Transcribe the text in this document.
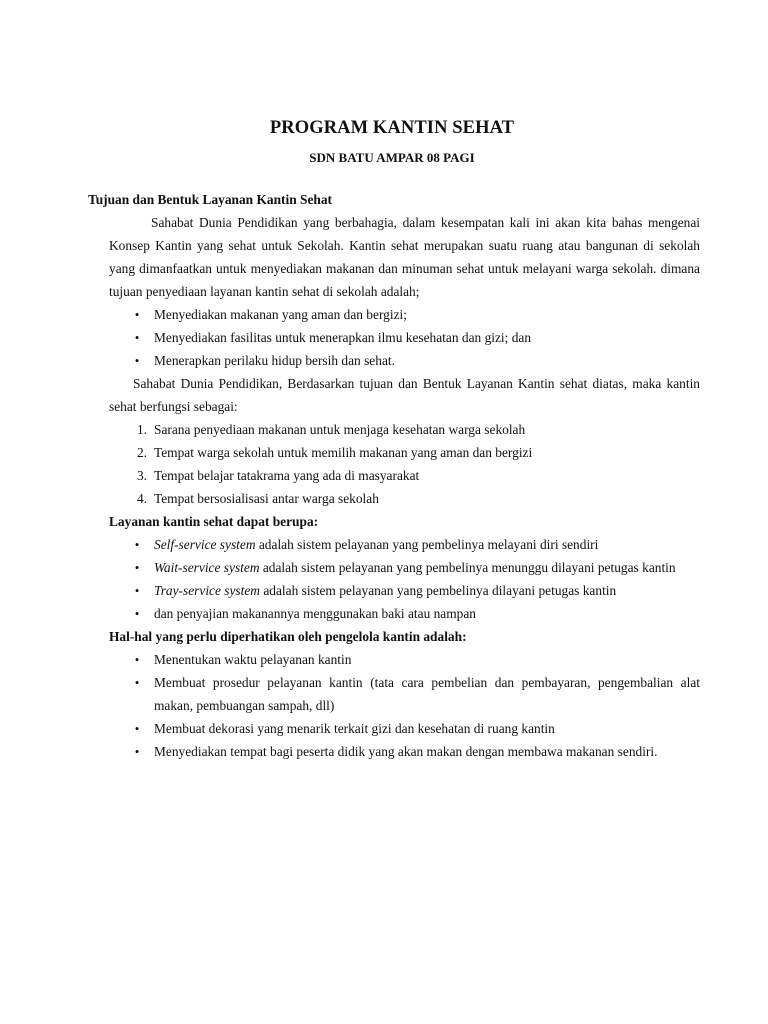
PROGRAM KANTIN SEHAT
SDN BATU AMPAR 08 PAGI
Tujuan dan Bentuk Layanan Kantin Sehat
Sahabat Dunia Pendidikan yang berbahagia, dalam kesempatan kali ini akan kita bahas mengenai Konsep Kantin yang sehat untuk Sekolah. Kantin sehat merupakan suatu ruang atau bangunan di sekolah yang dimanfaatkan untuk menyediakan makanan dan minuman sehat untuk melayani warga sekolah. dimana tujuan penyediaan layanan kantin sehat di sekolah adalah;
•	Menyediakan makanan yang aman dan bergizi;
•	Menyediakan fasilitas untuk menerapkan ilmu kesehatan dan gizi; dan
•	Menerapkan perilaku hidup bersih dan sehat.
Sahabat Dunia Pendidikan, Berdasarkan tujuan dan Bentuk Layanan Kantin sehat diatas, maka kantin sehat berfungsi sebagai:
1. Sarana penyediaan makanan untuk menjaga kesehatan warga sekolah
2. Tempat warga sekolah untuk memilih makanan yang aman dan bergizi
3. Tempat belajar tatakrama yang ada di masyarakat
4. Tempat bersosialisasi antar warga sekolah
Layanan kantin sehat dapat berupa:
•	Self-service system adalah sistem pelayanan yang pembelinya melayani diri sendiri
•	Wait-service system adalah sistem pelayanan yang pembelinya menunggu dilayani petugas kantin
•	Tray-service system adalah sistem pelayanan yang pembelinya dilayani petugas kantin
•	dan penyajian makanannya menggunakan baki atau nampan
Hal-hal yang perlu diperhatikan oleh pengelola kantin adalah:
•	Menentukan waktu pelayanan kantin
•	Membuat prosedur pelayanan kantin (tata cara pembelian dan pembayaran, pengembalian alat makan, pembuangan sampah, dll)
•	Membuat dekorasi yang menarik terkait gizi dan kesehatan di ruang kantin
•	Menyediakan tempat bagi peserta didik yang akan makan dengan membawa makanan sendiri.
